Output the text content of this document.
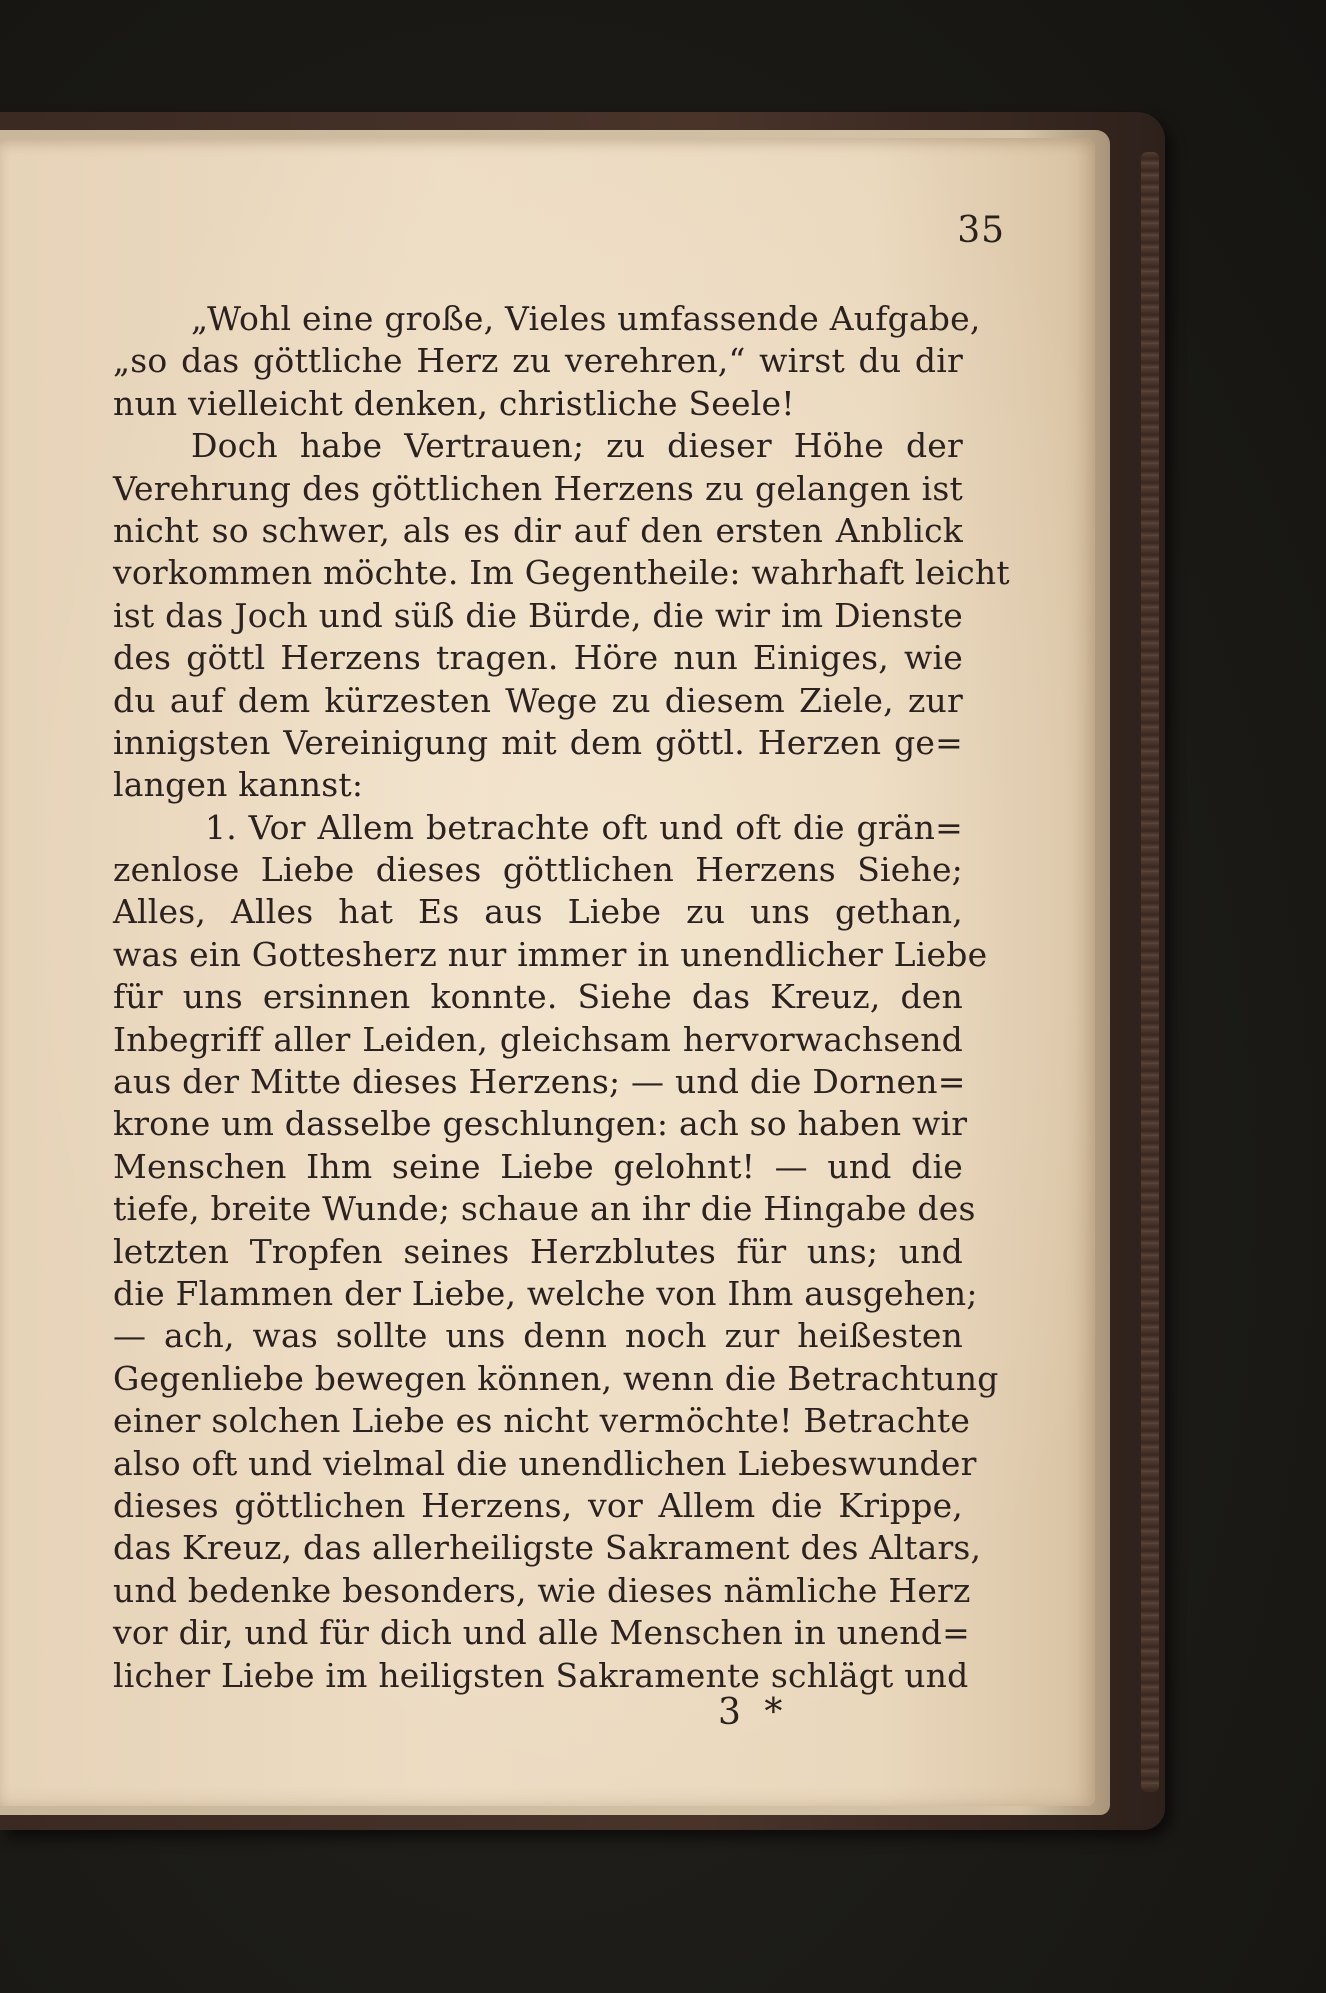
35
„Wohl eine große, Vieles umfassende Aufgabe,
„so das göttliche Herz zu verehren,“ wirst du dir
nun vielleicht denken, christliche Seele!
Doch habe Vertrauen; zu dieser Höhe der
Verehrung des göttlichen Herzens zu gelangen ist
nicht so schwer, als es dir auf den ersten Anblick
vorkommen möchte. Im Gegentheile: wahrhaft leicht
ist das Joch und süß die Bürde, die wir im Dienste
des göttl Herzens tragen. Höre nun Einiges, wie
du auf dem kürzesten Wege zu diesem Ziele, zur
innigsten Vereinigung mit dem göttl. Herzen ge=
langen kannst:
1. Vor Allem betrachte oft und oft die grän=
zenlose Liebe dieses göttlichen Herzens Siehe;
Alles, Alles hat Es aus Liebe zu uns gethan,
was ein Gottesherz nur immer in unendlicher Liebe
für uns ersinnen konnte. Siehe das Kreuz, den
Inbegriff aller Leiden, gleichsam hervorwachsend
aus der Mitte dieses Herzens; — und die Dornen=
krone um dasselbe geschlungen: ach so haben wir
Menschen Ihm seine Liebe gelohnt! — und die
tiefe, breite Wunde; schaue an ihr die Hingabe des
letzten Tropfen seines Herzblutes für uns; und
die Flammen der Liebe, welche von Ihm ausgehen;
— ach, was sollte uns denn noch zur heißesten
Gegenliebe bewegen können, wenn die Betrachtung
einer solchen Liebe es nicht vermöchte! Betrachte
also oft und vielmal die unendlichen Liebeswunder
dieses göttlichen Herzens, vor Allem die Krippe,
das Kreuz, das allerheiligste Sakrament des Altars,
und bedenke besonders, wie dieses nämliche Herz
vor dir, und für dich und alle Menschen in unend=
licher Liebe im heiligsten Sakramente schlägt und
3 *
